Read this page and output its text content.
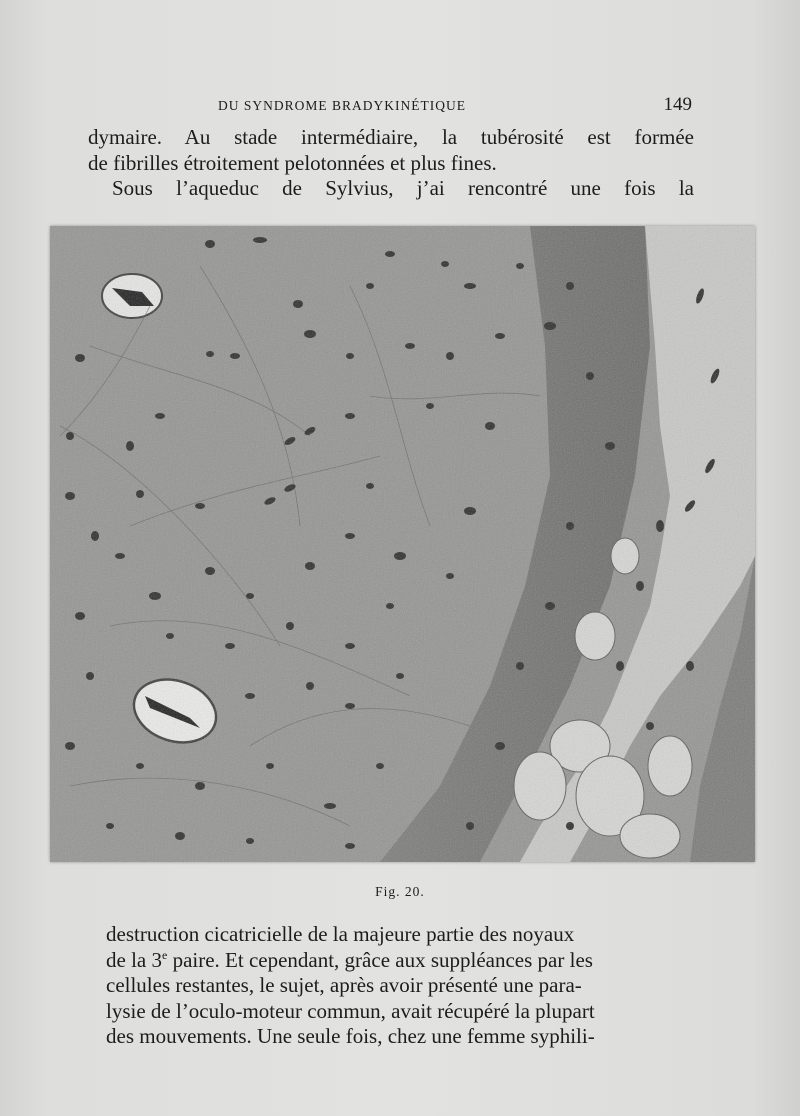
DU SYNDROME BRADYKINÉTIQUE	149

dymaire. Au stade intermédiaire, la tubérosité est formée

de fibrilles étroitement pelotonnées et plus fines.

Sous l’aqueduc de Sylvius, j’ai rencontré une fois la

Fig. 20.

destruction cicatricielle de la majeure partie des noyaux

de la 3e paire. Et cependant, grâce aux suppléances par les

cellules restantes, le sujet, après avoir présenté une para-

lysie de l’oculo-moteur commun, avait récupéré la plupart

des mouvements. Une seule fois, chez une femme syphili-
